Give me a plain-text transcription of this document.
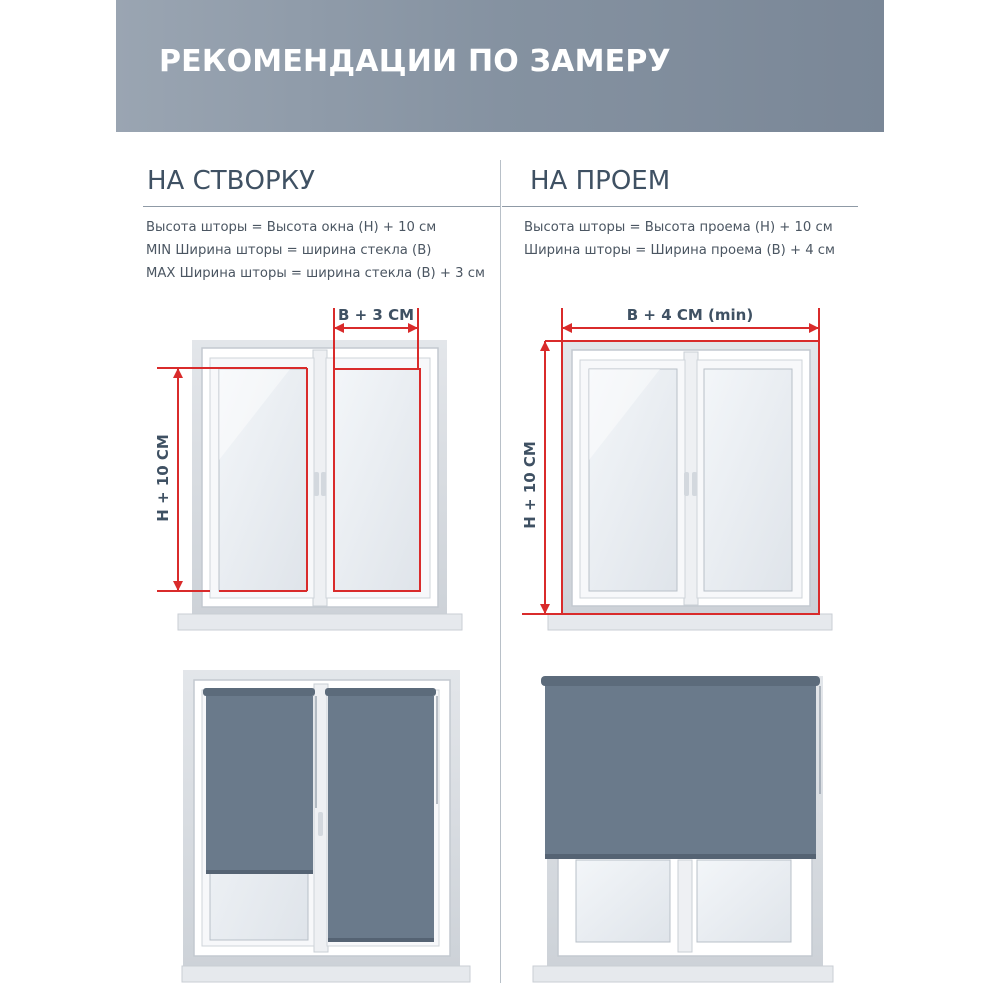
РЕКОМЕНДАЦИИ ПО ЗАМЕРУ
НА СТВОРКУ	НА ПРОЕМ
Высота шторы = Высота окна (Н) + 10 см
MIN Ширина шторы = ширина стекла (В)
MAX Ширина шторы = ширина стекла (В) + 3 см
Высота шторы = Высота проема (Н) + 10 см
Ширина шторы = Ширина проема (В) + 4 см
Н + 10 СМ
В + 3 СМ	В + 4 СМ (min)
Н + 10 СМ
